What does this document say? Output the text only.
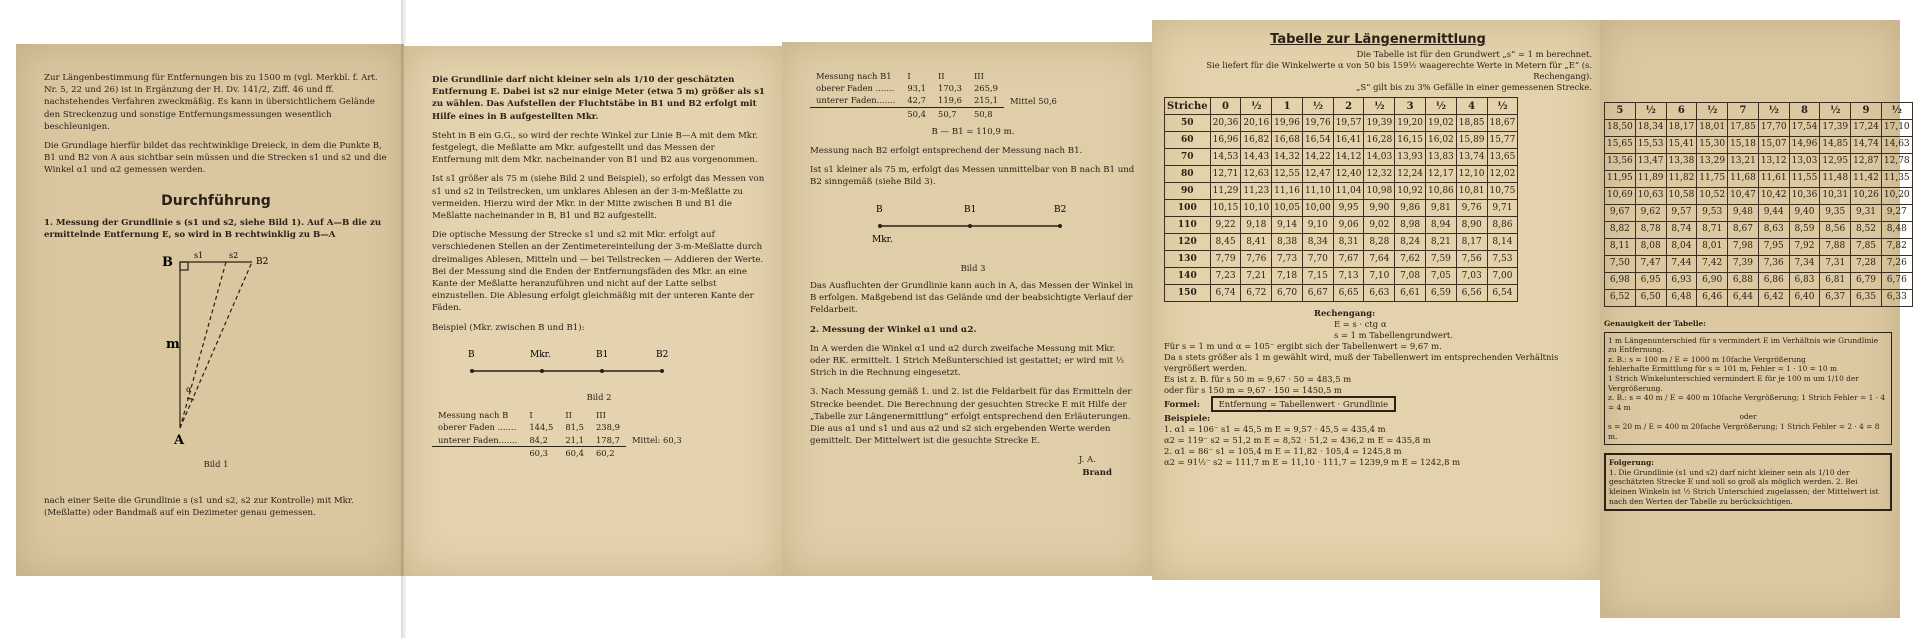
Zur Längenbestimmung für Entfernungen bis zu 1500 m (vgl. Merkbl. f. Art. Nr. 5, 22 und 26) ist in Ergänzung der H. Dv. 141/2, Ziff. 46 und ff. nachstehendes Verfahren zweckmäßig. Es kann in übersichtlichem Gelände den Streckenzug und sonstige Entfernungsmessungen wesentlich beschleunigen.

Die Grundlage hierfür bildet das rechtwinklige Dreieck, in dem die Punkte B, B1 und B2 von A aus sichtbar sein müssen und die Strecken s1 und s2 und die Winkel α1 und α2 gemessen werden.

Durchführung

1. Messung der Grundlinie s (s1 und s2, siehe Bild 1). Auf A—B die zu ermittelnde Entfernung E, so wird in B rechtwinklig zu B—A

B	s1	s2
B2
m
α
A
Bild 1

nach einer Seite die Grundlinie s (s1 und s2, s2 zur Kontrolle) mit Mkr. (Meßlatte) oder Bandmaß auf ein Dezimeter genau gemessen.

Die Grundlinie darf nicht kleiner sein als 1/10 der geschätzten Entfernung E. Dabei ist s2 nur einige Meter (etwa 5 m) größer als s1 zu wählen. Das Aufstellen der Fluchtstäbe in B1 und B2 erfolgt mit Hilfe eines in B aufgestellten Mkr.

Steht in B ein G.G., so wird der rechte Winkel zur Linie B—A mit dem Mkr. festgelegt, die Meßlatte am Mkr. aufgestellt und das Messen der Entfernung mit dem Mkr. nacheinander von B1 und B2 aus vorgenommen.

Ist s1 größer als 75 m (siehe Bild 2 und Beispiel), so erfolgt das Messen von s1 und s2 in Teilstrecken, um unklares Ablesen an der 3-m-Meßlatte zu vermeiden. Hierzu wird der Mkr. in der Mitte zwischen B und B1 die Meßlatte nacheinander in B, B1 und B2 aufgestellt.

Die optische Messung der Strecke s1 und s2 mit Mkr. erfolgt auf verschiedenen Stellen an der Zentimetereinteilung der 3-m-Meßlatte durch dreimaliges Ablesen, Mitteln und — bei Teilstrecken — Addieren der Werte. Bei der Messung sind die Enden der Entfernungsfäden des Mkr. an eine Kante der Meßlatte heranzuführen und nicht auf der Latte selbst einzustellen. Die Ablesung erfolgt gleichmäßig mit der unteren Kante der Fäden.

Beispiel (Mkr. zwischen B und B1):

B	Mkr.	B1	B2
Bild 2
Messung nach B	I	II	III	
oberer Faden .......	144,5	81,5	238,9	Mittel: 60,3
unterer Faden.......	84,2	21,1	178,7	
	60,3	60,4	60,2	
Messung nach B1	I	II	III	
oberer Faden .......	93,1	170,3	265,9	Mittel 50,6
unterer Faden.......	42,7	119,6	215,1	
	50,4	50,7	50,8	

B — B1 = 110,9 m.

Messung nach B2 erfolgt entsprechend der Messung nach B1.

Ist s1 kleiner als 75 m, erfolgt das Messen unmittelbar von B nach B1 und B2 sinngemäß (siehe Bild 3).

B	B1	B2
Mkr.
Bild 3

Das Ausfluchten der Grundlinie kann auch in A, das Messen der Winkel in B erfolgen. Maßgebend ist das Gelände und der beabsichtigte Verlauf der Feldarbeit.

2. Messung der Winkel α1 und α2.

In A werden die Winkel α1 und α2 durch zweifache Messung mit Mkr. oder RK. ermittelt. 1 Strich Meßunterschied ist gestattet; er wird mit ½ Strich in die Rechnung eingesetzt.

3. Nach Messung gemäß 1. und 2. ist die Feldarbeit für das Ermitteln der Strecke beendet. Die Berechnung der gesuchten Strecke E mit Hilfe der „Tabelle zur Längenermittlung“ erfolgt entsprechend den Erläuterungen. Die aus α1 und s1 und aus α2 und s2 sich ergebenden Werte werden gemittelt. Der Mittelwert ist die gesuchte Strecke E.

J. A.
Brand
Tabelle zur Längenermittlung
Die Tabelle ist für den Grundwert „s“ = 1 m berechnet.
Sie liefert für die Winkelwerte α von 50 bis 159½ waagerechte Werte in Metern für „E“ (s. Rechengang).
„S“ gilt bis zu 3% Gefälle in einer gemessenen Strecke.
Striche	0	½	1	½	2	½	3	½	4	½
50	20,36	20,16	19,96	19,76	19,57	19,39	19,20	19,02	18,85	18,67
60	16,96	16,82	16,68	16,54	16,41	16,28	16,15	16,02	15,89	15,77
70	14,53	14,43	14,32	14,22	14,12	14,03	13,93	13,83	13,74	13,65
80	12,71	12,63	12,55	12,47	12,40	12,32	12,24	12,17	12,10	12,02
90	11,29	11,23	11,16	11,10	11,04	10,98	10,92	10,86	10,81	10,75
100	10,15	10,10	10,05	10,00	9,95	9,90	9,86	9,81	9,76	9,71
110	9,22	9,18	9,14	9,10	9,06	9,02	8,98	8,94	8,90	8,86
120	8,45	8,41	8,38	8,34	8,31	8,28	8,24	8,21	8,17	8,14
130	7,79	7,76	7,73	7,70	7,67	7,64	7,62	7,59	7,56	7,53
140	7,23	7,21	7,18	7,15	7,13	7,10	7,08	7,05	7,03	7,00
150	6,74	6,72	6,70	6,67	6,65	6,63	6,61	6,59	6,56	6,54
Rechengang:
E = s · ctg α
s = 1 m Tabellengrundwert.
Für s = 1 m und α = 105⁻ ergibt sich der Tabellenwert = 9,67 m.
Da s stets größer als 1 m gewählt wird, muß der Tabellenwert im entsprechenden Verhältnis vergrößert werden.
Es ist z. B. für s 50 m = 9,67 · 50 = 483,5 m
oder für s 150 m = 9,67 · 150 = 1450,5 m
Formel: Entfernung = Tabellenwert · Grundlinie
Beispiele:
1. α1 = 106⁻ s1 = 45,5 m E = 9,57 · 45,5 = 435,4 m
α2 = 119⁻ s2 = 51,2 m E = 8,52 · 51,2 = 436,2 m E = 435,8 m
2. α1 = 86⁻ s1 = 105,4 m E = 11,82 · 105,4 = 1245,8 m
α2 = 91½⁻ s2 = 111,7 m E = 11,10 · 111,7 = 1239,9 m E = 1242,8 m
5	½	6	½	7	½	8	½	9	½
18,50	18,34	18,17	18,01	17,85	17,70	17,54	17,39	17,24	17,10
15,65	15,53	15,41	15,30	15,18	15,07	14,96	14,85	14,74	14,63
13,56	13,47	13,38	13,29	13,21	13,12	13,03	12,95	12,87	12,78
11,95	11,89	11,82	11,75	11,68	11,61	11,55	11,48	11,42	11,35
10,69	10,63	10,58	10,52	10,47	10,42	10,36	10,31	10,26	10,20
9,67	9,62	9,57	9,53	9,48	9,44	9,40	9,35	9,31	9,27
8,82	8,78	8,74	8,71	8,67	8,63	8,59	8,56	8,52	8,48
8,11	8,08	8,04	8,01	7,98	7,95	7,92	7,88	7,85	7,82
7,50	7,47	7,44	7,42	7,39	7,36	7,34	7,31	7,28	7,26
6,98	6,95	6,93	6,90	6,88	6,86	6,83	6,81	6,79	6,76
6,52	6,50	6,48	6,46	6,44	6,42	6,40	6,37	6,35	6,33
Genauigkeit der Tabelle:
1 m Längenunterschied für s vermindert E im Verhältnis wie Grundlinie zu Entfernung.
z. B.: s = 100 m / E = 1000 m 10fache Vergrößerung
fehlerhafte Ermittlung für s = 101 m, Fehler = 1 · 10 = 10 m
1 Strich Winkelunterschied vermindert E für je 100 m um 1/10 der Vergrößerung.
z. B.: s = 40 m / E = 400 m 10fache Vergrößerung; 1 Strich Fehler = 1 · 4 = 4 m
oder
s = 20 m / E = 400 m 20fache Vergrößerung; 1 Strich Fehler = 2 · 4 = 8 m.
Folgerung:
1. Die Grundlinie (s1 und s2) darf nicht kleiner sein als 1/10 der geschätzten Strecke E und soll so groß als möglich werden. 2. Bei kleinen Winkeln ist ½ Strich Unterschied zugelassen; der Mittelwert ist nach den Werten der Tabelle zu berücksichtigen.
